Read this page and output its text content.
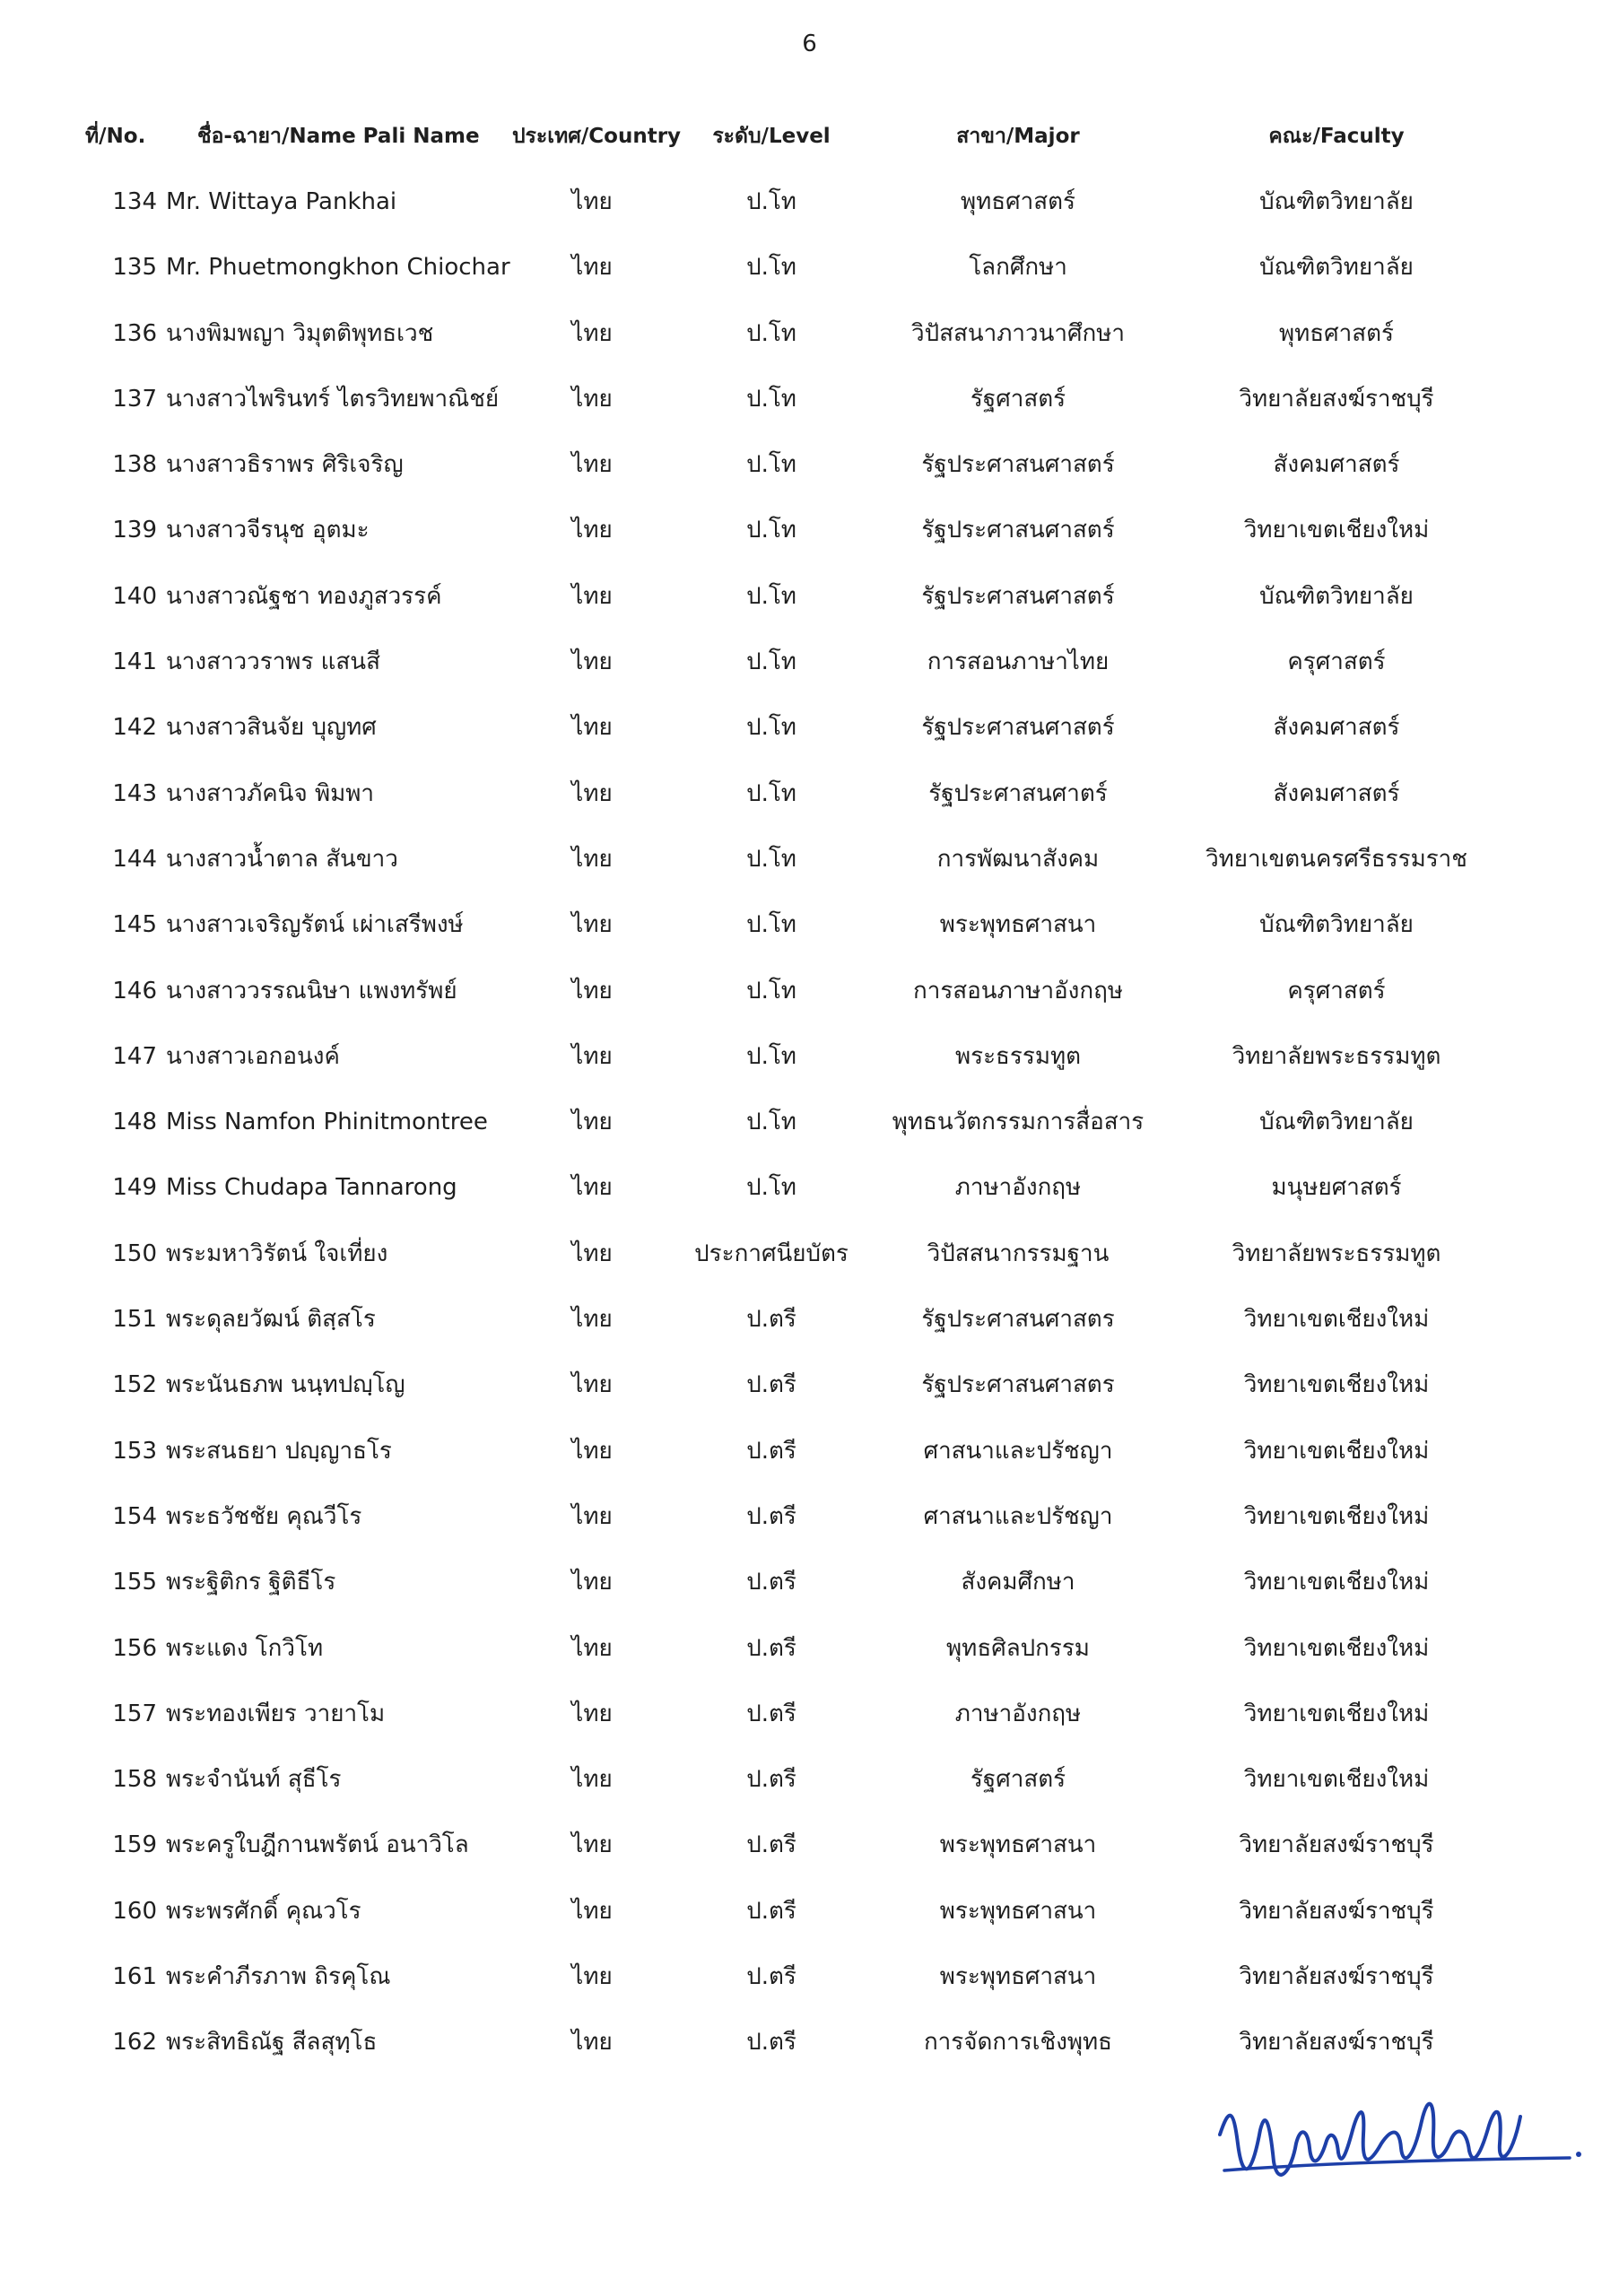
6
ที่/No.	ชื่อ-ฉายา/Name Pali Name	ประเทศ/Country	ระดับ/Level	สาขา/Major	คณะ/Faculty
134 Mr. Wittaya Pankhai	ไทย	ป.โท	พุทธศาสตร์	บัณฑิตวิทยาลัย
135 Mr. Phuetmongkhon Chiochar	ไทย	ป.โท	โลกศึกษา	บัณฑิตวิทยาลัย
136 นางพิมพญา วิมุตติพุทธเวช	ไทย	ป.โท	วิปัสสนาภาวนาศึกษา	พุทธศาสตร์
137 นางสาวไพรินทร์ ไตรวิทยพาณิชย์	ไทย	ป.โท	รัฐศาสตร์	วิทยาลัยสงฆ์ราชบุรี
138 นางสาวธิราพร ศิริเจริญ	ไทย	ป.โท	รัฐประศาสนศาสตร์	สังคมศาสตร์
139 นางสาวจีรนุช อุตมะ	ไทย	ป.โท	รัฐประศาสนศาสตร์	วิทยาเขตเชียงใหม่
140 นางสาวณัฐชา ทองภูสวรรค์	ไทย	ป.โท	รัฐประศาสนศาสตร์	บัณฑิตวิทยาลัย
141 นางสาววราพร แสนสี	ไทย	ป.โท	การสอนภาษาไทย	ครุศาสตร์
142 นางสาวสินจัย บุญทศ	ไทย	ป.โท	รัฐประศาสนศาสตร์	สังคมศาสตร์
143 นางสาวภัคนิจ พิมพา	ไทย	ป.โท	รัฐประศาสนศาตร์	สังคมศาสตร์
144 นางสาวน้ำตาล สันขาว	ไทย	ป.โท	การพัฒนาสังคม	วิทยาเขตนครศรีธรรมราช
145 นางสาวเจริญรัตน์ เผ่าเสรีพงษ์	ไทย	ป.โท	พระพุทธศาสนา	บัณฑิตวิทยาลัย
146 นางสาววรรณนิษา แพงทรัพย์	ไทย	ป.โท	การสอนภาษาอังกฤษ	ครุศาสตร์
147 นางสาวเอกอนงค์	ไทย	ป.โท	พระธรรมทูต	วิทยาลัยพระธรรมทูต
148 Miss Namfon Phinitmontree	ไทย	ป.โท	พุทธนวัตกรรมการสื่อสาร	บัณฑิตวิทยาลัย
149 Miss Chudapa Tannarong	ไทย	ป.โท	ภาษาอังกฤษ	มนุษยศาสตร์
150 พระมหาวิรัตน์ ใจเที่ยง	ไทย	ประกาศนียบัตร	วิปัสสนากรรมฐาน	วิทยาลัยพระธรรมทูต
151 พระดุลยวัฒน์ ติสฺสโร	ไทย	ป.ตรี	รัฐประศาสนศาสตร	วิทยาเขตเชียงใหม่
152 พระนันธภพ นนฺทปญฺโญ	ไทย	ป.ตรี	รัฐประศาสนศาสตร	วิทยาเขตเชียงใหม่
153 พระสนธยา ปญฺญาธโร	ไทย	ป.ตรี	ศาสนาและปรัชญา	วิทยาเขตเชียงใหม่
154 พระธวัชชัย คุณวีโร	ไทย	ป.ตรี	ศาสนาและปรัชญา	วิทยาเขตเชียงใหม่
155 พระฐิติกร ฐิติธีโร	ไทย	ป.ตรี	สังคมศึกษา	วิทยาเขตเชียงใหม่
156 พระแดง โกวิโท	ไทย	ป.ตรี	พุทธศิลปกรรม	วิทยาเขตเชียงใหม่
157 พระทองเพียร วายาโม	ไทย	ป.ตรี	ภาษาอังกฤษ	วิทยาเขตเชียงใหม่
158 พระจำนันท์ สุธีโร	ไทย	ป.ตรี	รัฐศาสตร์	วิทยาเขตเชียงใหม่
159 พระครูใบฎีกานพรัตน์ อนาวิโล	ไทย	ป.ตรี	พระพุทธศาสนา	วิทยาลัยสงฆ์ราชบุรี
160 พระพรศักดิ์ คุณวโร	ไทย	ป.ตรี	พระพุทธศาสนา	วิทยาลัยสงฆ์ราชบุรี
161 พระคำภีรภาพ ถิรคุโณ	ไทย	ป.ตรี	พระพุทธศาสนา	วิทยาลัยสงฆ์ราชบุรี
162 พระสิทธิณัฐ สีลสุทฺโธ	ไทย	ป.ตรี	การจัดการเชิงพุทธ	วิทยาลัยสงฆ์ราชบุรี
